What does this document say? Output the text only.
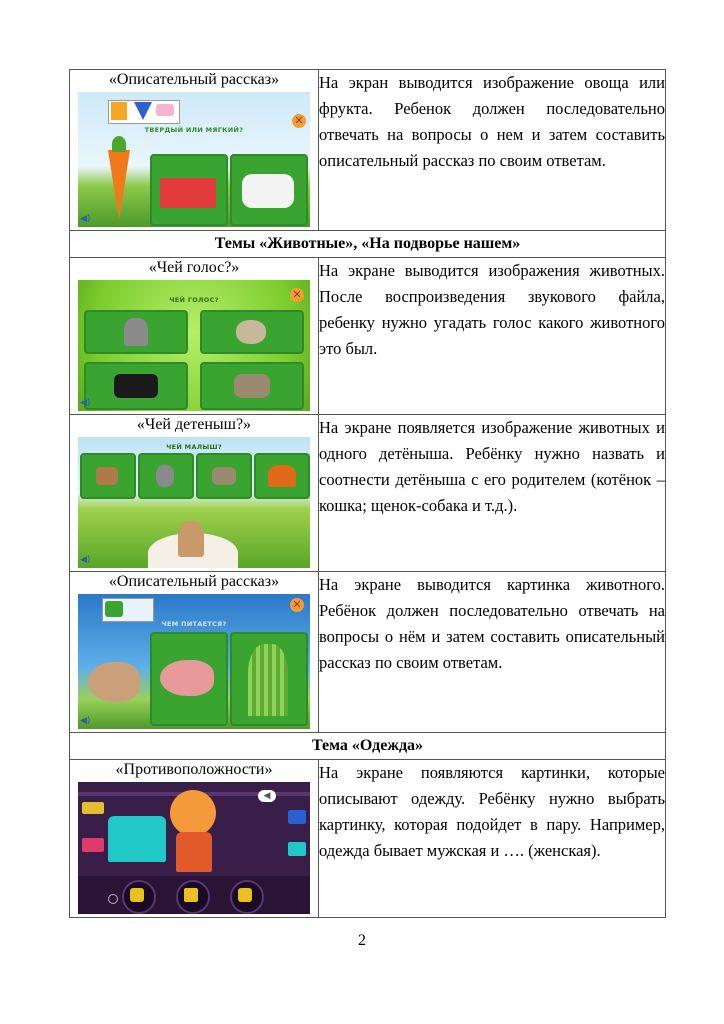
«Описательный рассказ»
ТВЕРДЫЙ ИЛИ МЯГКИЙ?
✕
◀)	На экран выводится изображение овоща или фрукта. Ребенок должен последовательно отвечать на вопросы о нем и затем составить описательный рассказ по своим ответам.

Темы «Животные», «На подворье нашем»	

«Чей голос?»
ЧЕЙ ГОЛОС? ✕
◀)	На экране выводится изображения животных. После воспроизведения звукового файла, ребенку нужно угадать голос какого животного это был.

«Чей детеныш?»
ЧЕЙ МАЛЫШ?
◀)	На экране появляется изображение животных и одного детёныша. Ребёнку нужно назвать и соотнести детёныша с его родителем (котёнок – кошка; щенок-собака и т.д.).

«Описательный рассказ»
ЧЕМ ПИТАЕТСЯ?
✕
◀)	На экране выводится картинка животного. Ребёнок должен последовательно отвечать на вопросы о нём и затем составить описательный рассказ по своим ответам.

Тема «Одежда»	

«Противоположности»
◀	На экране появляются картинки, которые описывают одежду. Ребёнку нужно выбрать картинку, которая подойдет в пару. Например, одежда бывает мужская и …. (женская).
2
